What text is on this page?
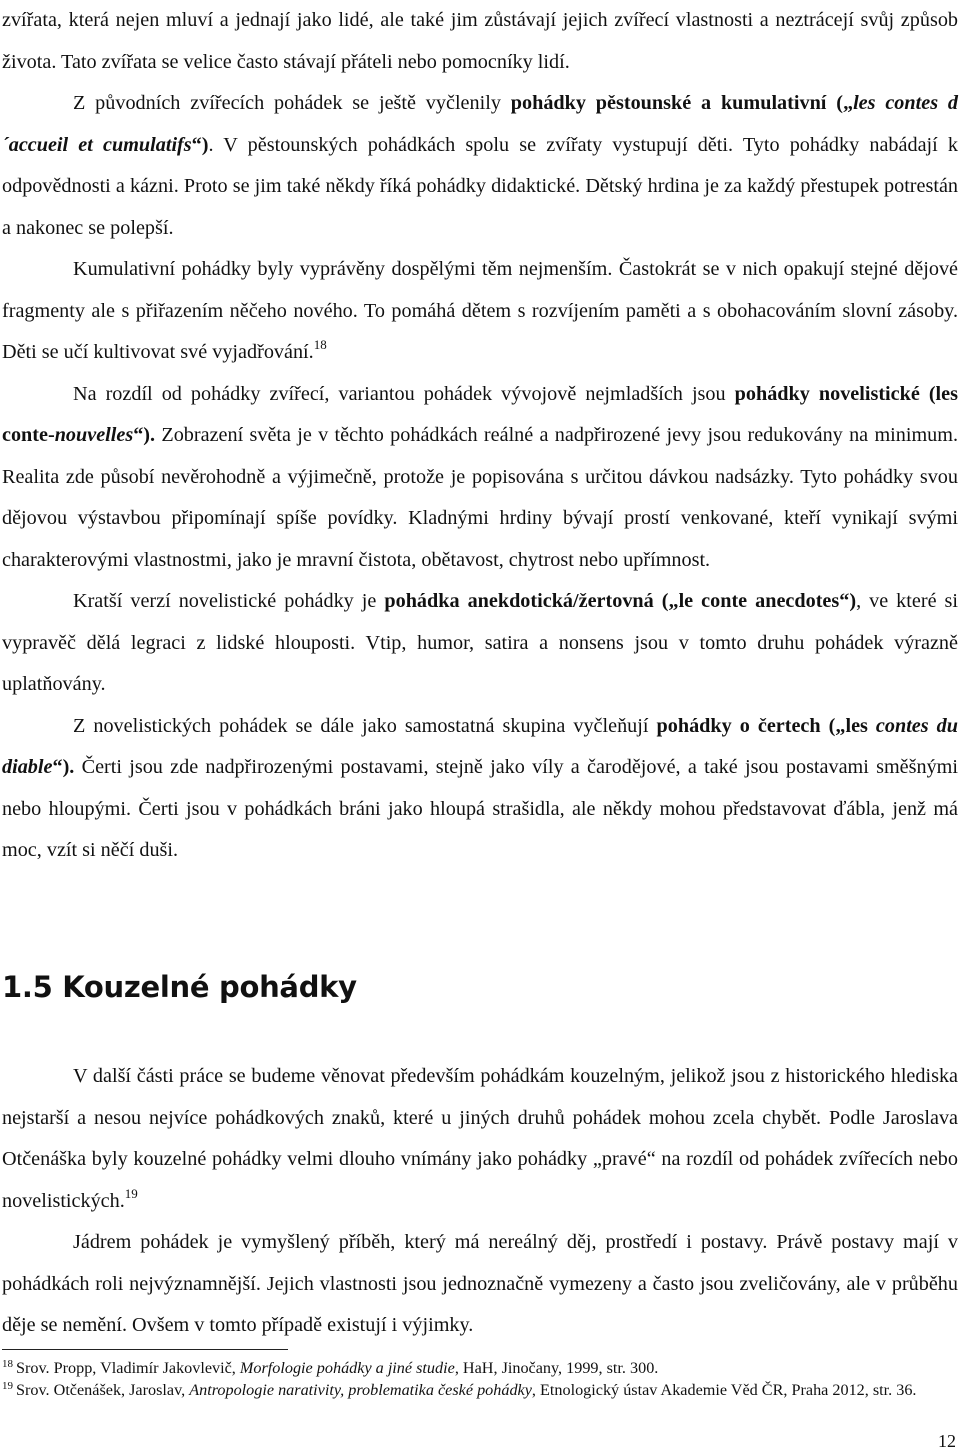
zvířata, která nejen mluví a jednají jako lidé, ale také jim zůstávají jejich zvířecí vlastnosti a neztrácejí svůj způsob života. Tato zvířata se velice často stávají přáteli nebo pomocníky lidí.

Z původních zvířecích pohádek se ještě vyčlenily pohádky pěstounské a kumulativní („les contes d´accueil et cumulatifs“). V pěstounských pohádkách spolu se zvířaty vystupují děti. Tyto pohádky nabádají k odpovědnosti a kázni. Proto se jim také někdy říká pohádky didaktické. Dětský hrdina je za každý přestupek potrestán a nakonec se polepší.

Kumulativní pohádky byly vyprávěny dospělými těm nejmenším. Častokrát se v nich opakují stejné dějové fragmenty ale s přiřazením něčeho nového. To pomáhá dětem s rozvíjením paměti a s obohacováním slovní zásoby. Děti se učí kultivovat své vyjadřování.$^{18}$

Na rozdíl od pohádky zvířecí, variantou pohádek vývojově nejmladších jsou pohádky novelistické (les conte-nouvelles“). Zobrazení světa je v těchto pohádkách reálné a nadpřirozené jevy jsou redukovány na minimum. Realita zde působí nevěrohodně a výjimečně, protože je popisována s určitou dávkou nadsázky. Tyto pohádky svou dějovou výstavbou připomínají spíše povídky. Kladnými hrdiny bývají prostí venkované, kteří vynikají svými charakterovými vlastnostmi, jako je mravní čistota, obětavost, chytrost nebo upřímnost.

Kratší verzí novelistické pohádky je pohádka anekdotická/žertovná („le conte anecdotes“), ve které si vypravěč dělá legraci z lidské hlouposti. Vtip, humor, satira a nonsens jsou v tomto druhu pohádek výrazně uplatňovány.

Z novelistických pohádek se dále jako samostatná skupina vyčleňují pohádky o čertech („les contes du diable“). Čerti jsou zde nadpřirozenými postavami, stejně jako víly a čarodějové, a také jsou postavami směšnými nebo hloupými. Čerti jsou v pohádkách bráni jako hloupá strašidla, ale někdy mohou představovat ďábla, jenž má moc, vzít si něčí duši.

1.5 Kouzelné pohádky

V další části práce se budeme věnovat především pohádkám kouzelným, jelikož jsou z historického hlediska nejstarší a nesou nejvíce pohádkových znaků, které u jiných druhů pohádek mohou zcela chybět. Podle Jaroslava Otčenáška byly kouzelné pohádky velmi dlouho vnímány jako pohádky „pravé“ na rozdíl od pohádek zvířecích nebo novelistických.$^{19}$

Jádrem pohádek je vymyšlený příběh, který má nereálný děj, prostředí i postavy. Právě postavy mají v pohádkách roli nejvýznamnější. Jejich vlastnosti jsou jednoznačně vymezeny a často jsou zveličovány, ale v průběhu děje se nemění. Ovšem v tomto případě existují i výjimky.

$^{18}$ Srov. Propp, Vladimír Jakovlevič, Morfologie pohádky a jiné studie, HaH, Jinočany, 1999, str. 300.

$^{19}$ Srov. Otčenášek, Jaroslav, Antropologie narativity, problematika české pohádky, Etnologický ústav Akademie Věd ČR, Praha 2012, str. 36.

12
